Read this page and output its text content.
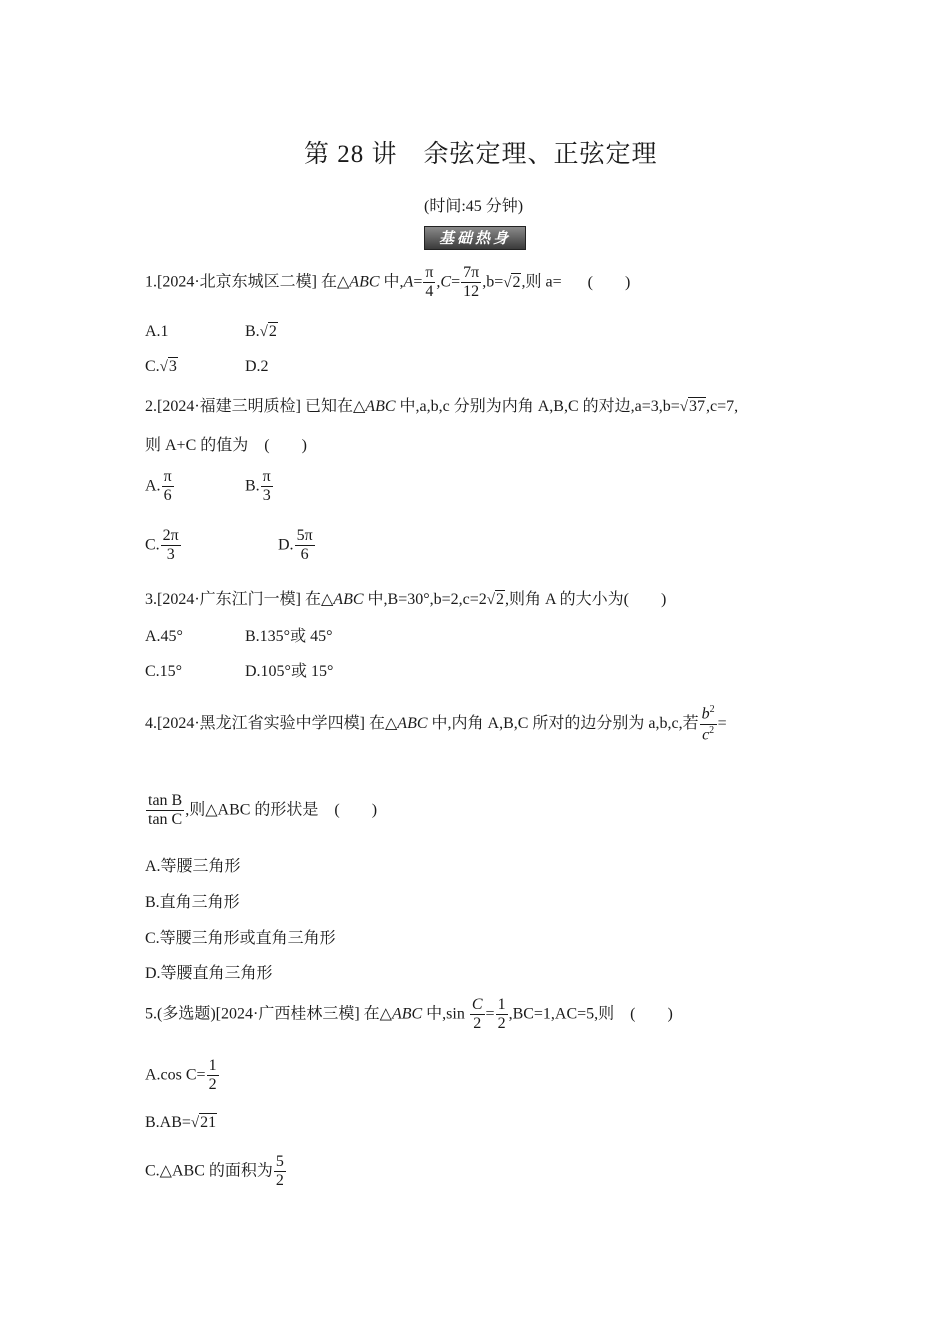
第 28 讲　余弦定理、正弦定理
(时间:45 分钟)
基础热身
1.[2024·北京东城区二模] 在△ABC 中$,A= \frac{\pi}{4} ,C= \frac{7\pi}{12} ,b=√2$,则 a= (　　)
A.1	B.√2
C.√3	D.2
2.[2024·福建三明质检] 已知在△ABC 中,a,b,c 分别为内角 A,B,C 的对边,a=3,b=√37,c=7,
则 A+C 的值为　(　　)
A. $\frac{\pi}{6}$	B. $\frac{\pi}{3}$
C. $\frac{2\pi}{3}$	D. $\frac{5\pi}{6}$
3.[2024·广东江门一模] 在△ABC 中,B=30°,b=2,c=2√2,则角 A 的大小为(　　)
A.45°	B.135°或 45°
C.15°	D.105°或 15°
4.[2024·黑龙江省实验中学四模] 在△ABC 中,内角 A,B,C 所对的边分别为 a,b,c,若 $\frac{b^2}{c^2}$ =
$\frac{\text{tan B}}{\text{tan C}}$ ,则△ABC 的形状是　(　　)
A.等腰三角形
B.直角三角形
C.等腰三角形或直角三角形
D.等腰直角三角形
5.(多选题)[2024·广西桂林三模] 在△ABC 中$,\sin \frac{C}{2} = \frac{1}{2} ,BC=1,AC=5$,则　(　　)
A.cos $C= \frac{1}{2}$
B.AB=√21
C.△ABC 的面积为 $\frac{5}{2}$
